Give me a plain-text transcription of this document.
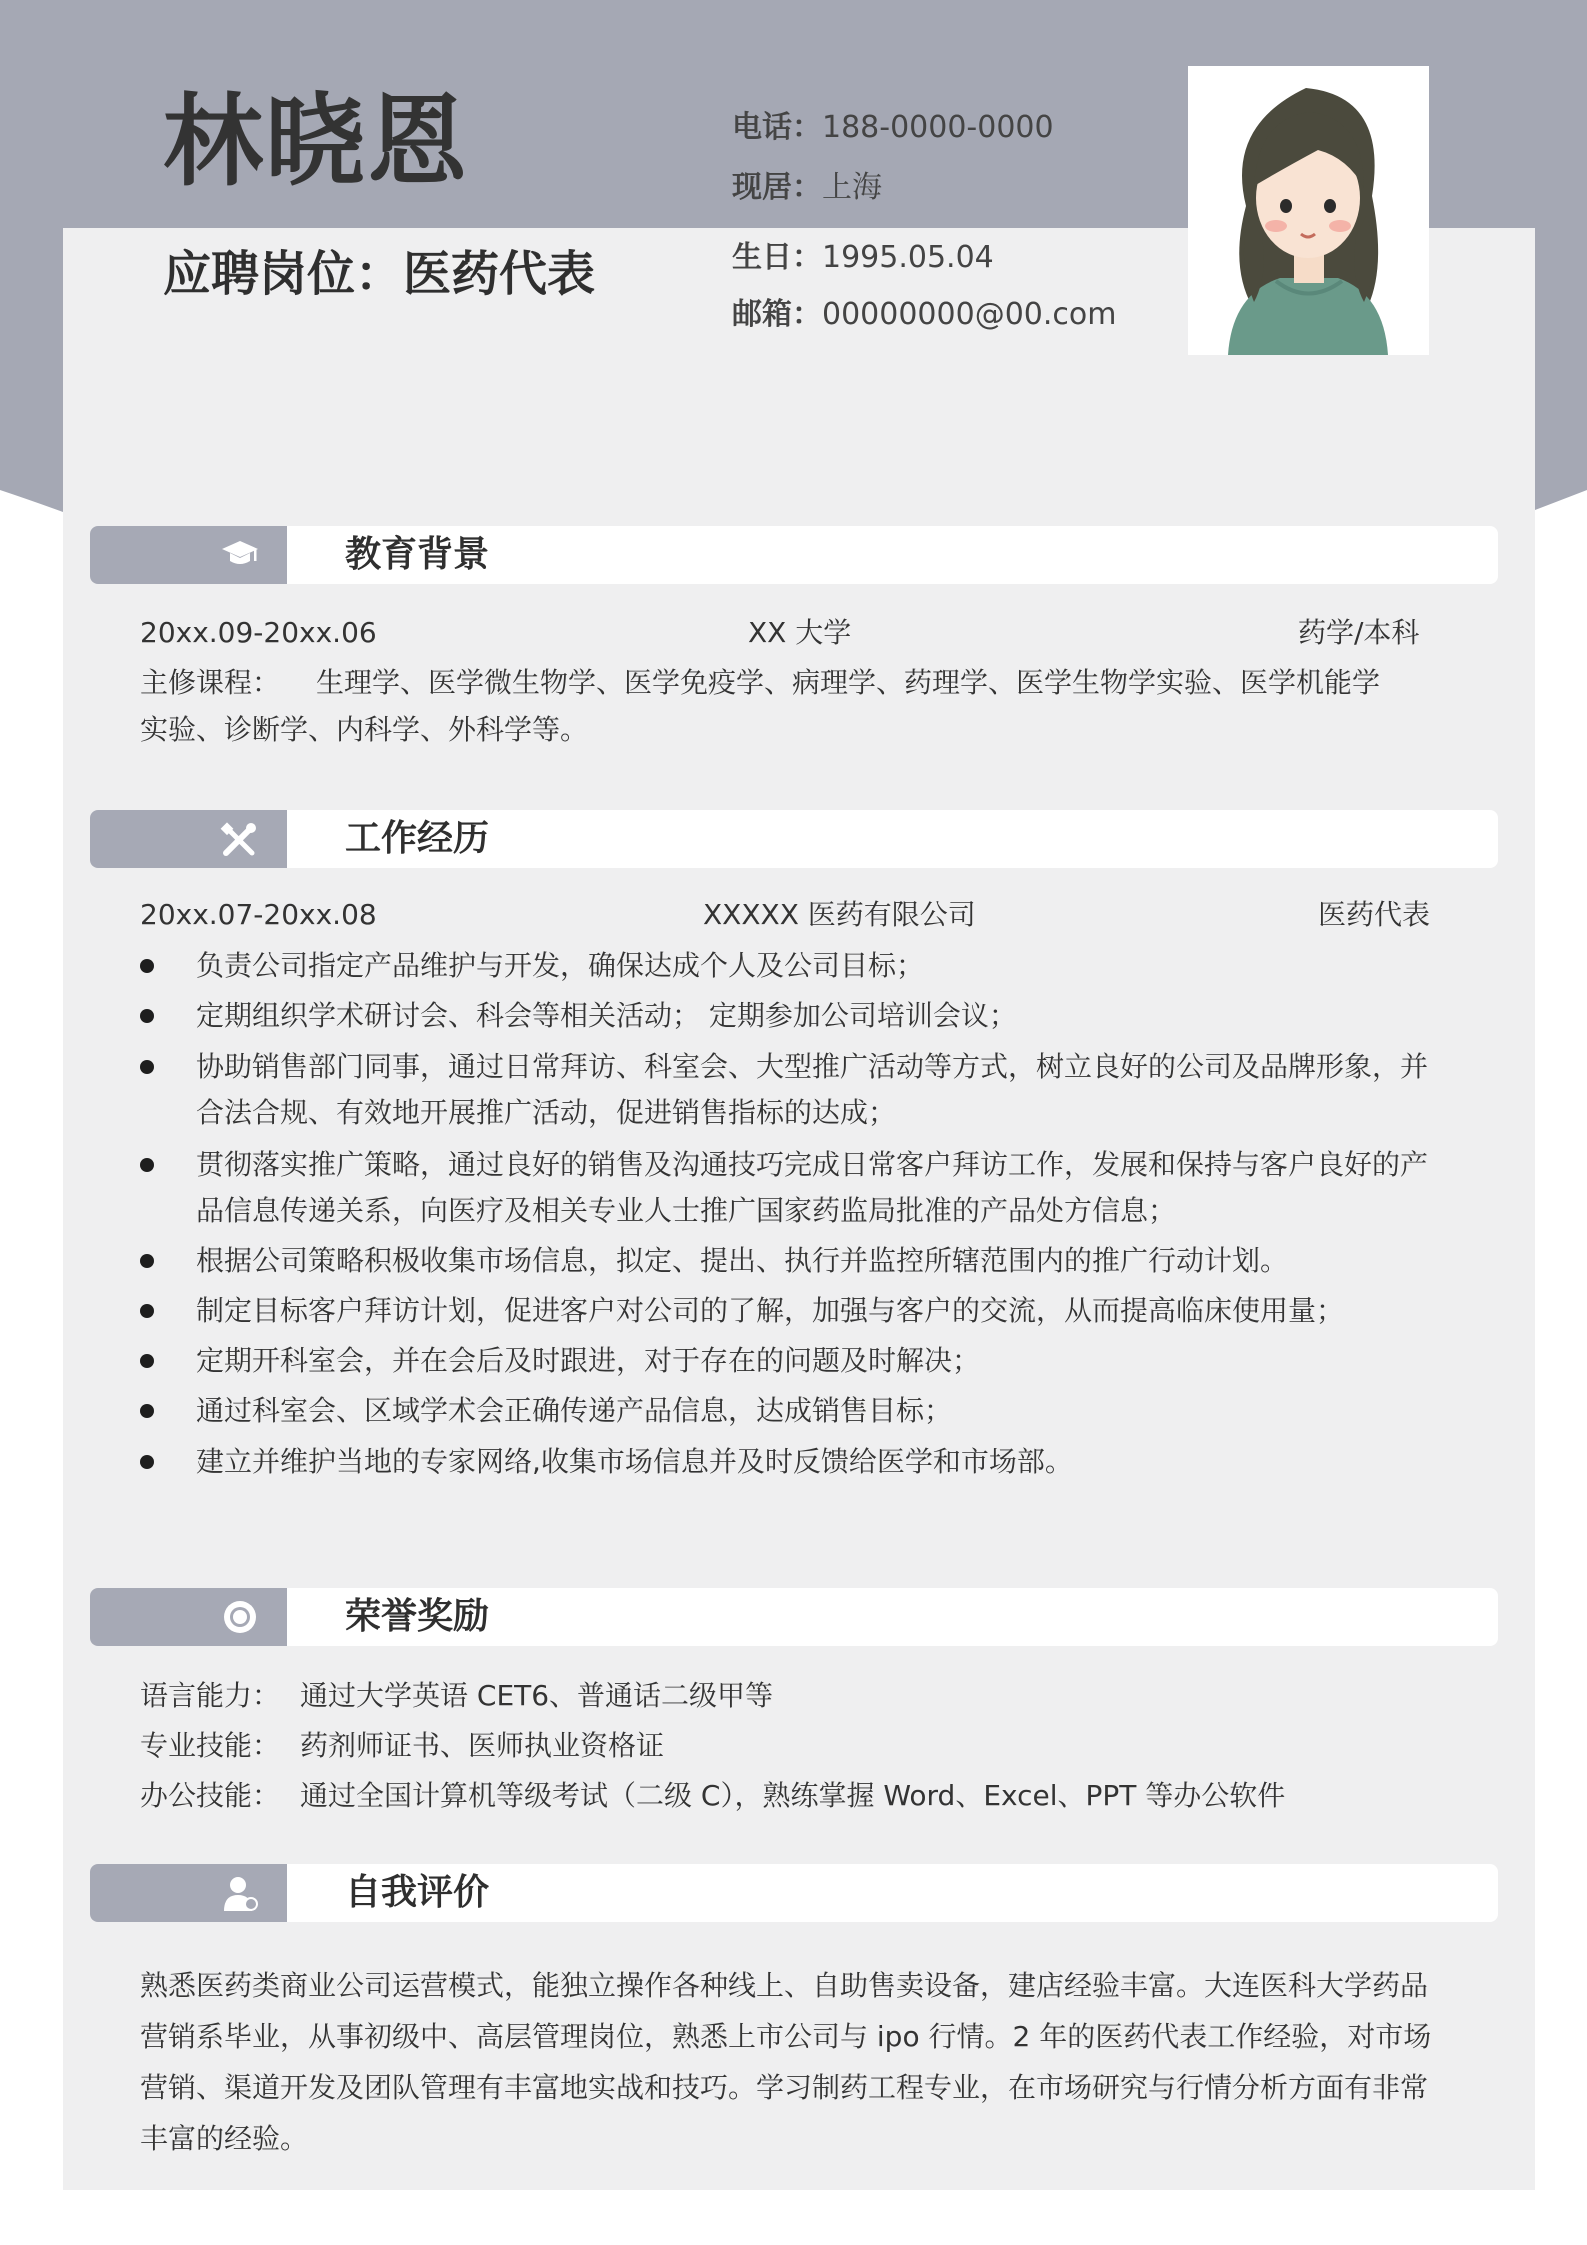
林晓恩
应聘岗位：医药代表
电话：188-0000-0000
现居：上海
生日：1995.05.04
邮箱：00000000@00.com
教育背景
20xx.09-20xx.06	XX 大学	药学/本科
主修课程： 生理学、医学微生物学、医学免疫学、病理学、药理学、医学生物学实验、医学机能学
实验、诊断学、内科学、外科学等。
工作经历
20xx.07-20xx.08	XXXXX 医药有限公司	医药代表
负责公司指定产品维护与开发，确保达成个人及公司目标；
定期组织学术研讨会、科会等相关活动； 定期参加公司培训会议；
协助销售部门同事，通过日常拜访、科室会、大型推广活动等方式，树立良好的公司及品牌形象，并合法合规、有效地开展推广活动，促进销售指标的达成；
贯彻落实推广策略，通过良好的销售及沟通技巧完成日常客户拜访工作，发展和保持与客户良好的产品信息传递关系，向医疗及相关专业人士推广国家药监局批准的产品处方信息；
根据公司策略积极收集市场信息，拟定、提出、执行并监控所辖范围内的推广行动计划。
制定目标客户拜访计划，促进客户对公司的了解，加强与客户的交流，从而提高临床使用量；
定期开科室会，并在会后及时跟进，对于存在的问题及时解决；
通过科室会、区域学术会正确传递产品信息，达成销售目标；
建立并维护当地的专家网络,收集市场信息并及时反馈给医学和市场部。
荣誉奖励
语言能力： 通过大学英语 CET6、普通话二级甲等
专业技能： 药剂师证书、医师执业资格证
办公技能： 通过全国计算机等级考试（二级 C），熟练掌握 Word、Excel、PPT 等办公软件
自我评价
熟悉医药类商业公司运营模式，能独立操作各种线上、自助售卖设备，建店经验丰富。大连医科大学药品营销系毕业，从事初级中、高层管理岗位，熟悉上市公司与 ipo 行情。2 年的医药代表工作经验，对市场营销、渠道开发及团队管理有丰富地实战和技巧。学习制药工程专业，在市场研究与行情分析方面有非常丰富的经验。
